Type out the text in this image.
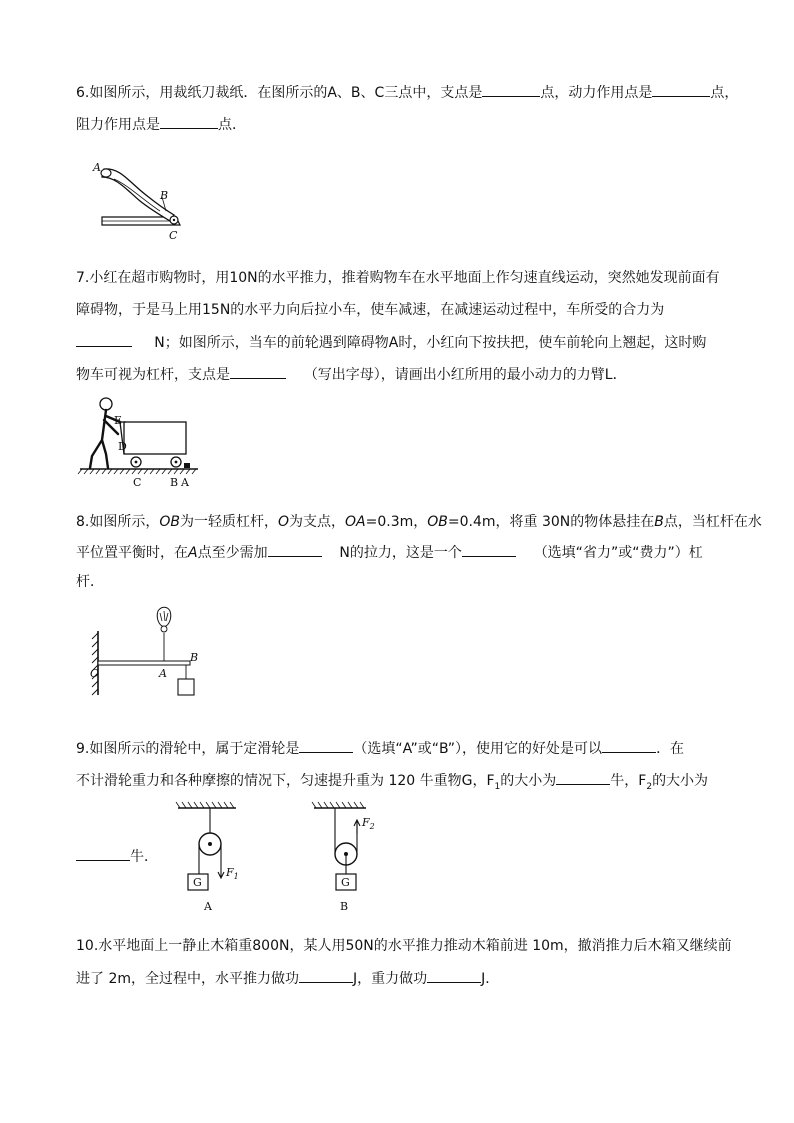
6.如图所示，用裁纸刀裁纸．在图所示的A、B、C三点中，支点是	点，动力作用点是	点，
阻力作用点是	点．
A
B
C
7.小红在超市购物时，用10N的水平推力，推着购物车在水平地面上作匀速直线运动，突然她发现前面有
障碍物，于是马上用15N的水平力向后拉小车，使车减速，在减速运动过程中，车所受的合力为
N；如图所示，当车的前轮遇到障碍物A时，小红向下按扶把，使车前轮向上翘起，这时购
物车可视为杠杆，支点是	（写出字母），请画出小红所用的最小动力的力臂L．
E
D
C	B A
8.如图所示，OB为一轻质杠杆，O为支点，OA=0.3m，OB=0.4m，将重 30N的物体悬挂在B点，当杠杆在水
平位置平衡时，在A点至少需加	N的拉力，这是一个	（选填“省力”或“费力”）杠
杆．
O	A
B
9.如图所示的滑轮中，属于定滑轮是	（选填“A”或“B”），使用它的好处是可以	．在
不计滑轮重力和各种摩擦的情况下，匀速提升重为 120 牛重物G，$F_1$的大小为	牛，$F_2$的大小为
牛．
G
$F_1$
A
G
$F_2$
B
10.水平地面上一静止木箱重800N，某人用50N的水平推力推动木箱前进 10m，撤消推力后木箱又继续前
进了 2m，全过程中，水平推力做功	J，重力做功	J．
